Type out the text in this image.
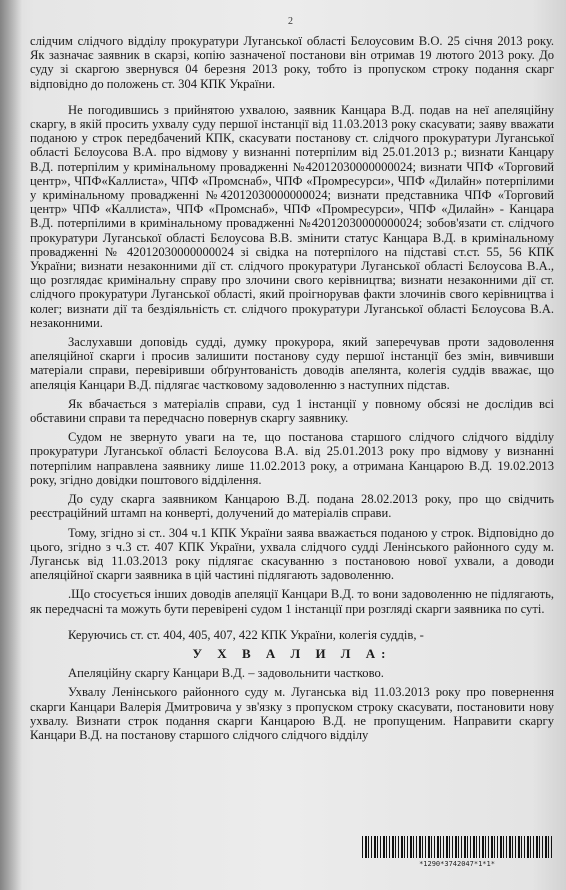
2

слідчим слідчого відділу прокуратури Луганської області Бєлоусовим В.О. 25 січня 2013 року. Як зазначає заявник в скарзі, копію зазначеної постанови він отримав 19 лютого 2013 року. До суду зі скаргою звернувся 04 березня 2013 року, тобто із пропуском строку подання скарг відповідно до положень ст. 304 КПК України.

Не погодившись з прийнятою ухвалою, заявник Канцара В.Д. подав на неї апеляційну скаргу, в якій просить ухвалу суду першої інстанції від 11.03.2013 року скасувати; заяву вважати поданою у строк передбачений КПК, скасувати постанову ст. слідчого прокуратури Луганської області Бєлоусова В.А. про відмову у визнанні потерпілим від 25.01.2013 р.; визнати Канцару В.Д. потерпілим у кримінальному провадженні №42012030000000024; визнати ЧПФ «Торговий центр», ЧПФ«Каллиста», ЧПФ «Промснаб», ЧПФ «Промресурси», ЧПФ «Дилайн» потерпілими у кримінальному провадженні №42012030000000024; визнати представника ЧПФ «Торговий центр» ЧПФ «Каллиста», ЧПФ «Промснаб», ЧПФ «Промресурси», ЧПФ «Дилайн» - Канцара В.Д. потерпілими в кримінальному провадженні №42012030000000024; зобов'язати ст. слідчого прокуратури Луганської області Бєлоусова В.В. змінити статус Канцара В.Д. в кримінальному провадженні № 42012030000000024 зі свідка на потерпілого на підставі ст.ст. 55, 56 КПК України; визнати незаконними дії ст. слідчого прокуратури Луганської області Бєлоусова В.А., що розглядає кримінальну справу про злочини свого керівництва; визнати незаконними дії ст. слідчого прокуратури Луганської області, який проігнорував факти злочинів свого керівництва і колег; визнати дії та бездіяльність ст. слідчого прокуратури Луганської області Бєлоусова В.А. незаконними.

Заслухавши доповідь судді, думку прокурора, який заперечував проти задоволення апеляційної скарги і просив залишити постанову суду першої інстанції без змін, вивчивши матеріали справи, перевіривши обґрунтованість доводів апелянта, колегія суддів вважає, що апеляція Канцари В.Д. підлягає частковому задоволенню з наступних підстав.

Як вбачається з матеріалів справи, суд 1 інстанції у повному обсязі не дослідив всі обставини справи та передчасно повернув скаргу заявнику.

Судом не звернуто уваги на те, що постанова старшого слідчого слідчого відділу прокуратури Луганської області Бєлоусова В.А. від 25.01.2013 року про відмову у визнанні потерпілим направлена заявнику лише 11.02.2013 року, а отримана Канцарою В.Д. 19.02.2013 року, згідно довідки поштового відділення.

До суду скарга заявником Канцарою В.Д. подана 28.02.2013 року, про що свідчить реєстраційний штамп на конверті, долучений до матеріалів справи.

Тому, згідно зі ст.. 304 ч.1 КПК України заява вважається поданою у строк. Відповідно до цього, згідно з ч.3 ст. 407 КПК України, ухвала слідчого судді Ленінського районного суду м. Луганськ від 11.03.2013 року підлягає скасуванню з постановою нової ухвали, а доводи апеляційної скарги заявника в цій частині підлягають задоволенню.

.Що стосується інших доводів апеляції Канцари В.Д. то вони задоволенню не підлягають, як передчасні та можуть бути перевірені судом 1 інстанції при розгляді скарги заявника по суті.

Керуючись ст. ст. 404, 405, 407, 422 КПК України, колегія суддів, -

У Х В А Л И Л А:

Апеляційну скаргу Канцари В.Д. – задовольнити частково.

Ухвалу Ленінського районного суду м. Луганська від 11.03.2013 року про повернення скарги Канцари Валерія Дмитровича у зв'язку з пропуском строку скасувати, постановити нову ухвалу. Визнати строк подання скарги Канцарою В.Д. не пропущеним. Направити скаргу Канцари В.Д. на постанову старшого слідчого слідчого відділу

*1290*3742047*1*1*
